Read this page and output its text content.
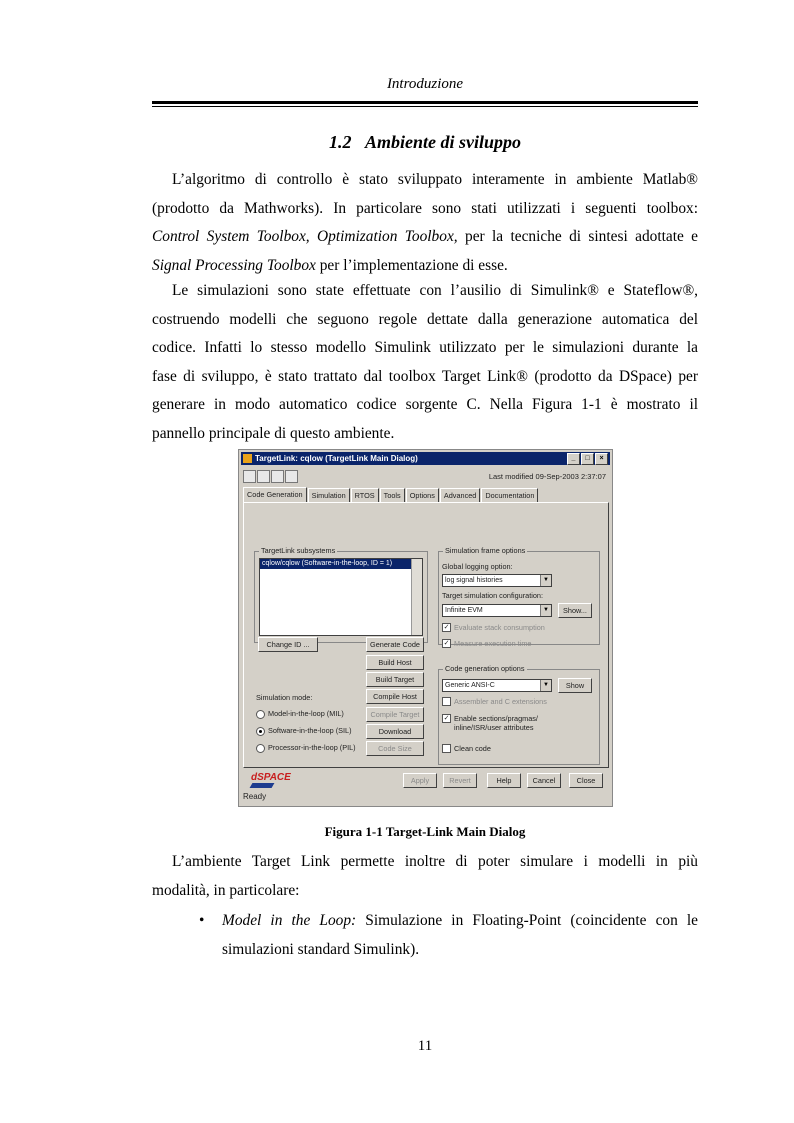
Introduzione
1.2 Ambiente di sviluppo
L’algoritmo di controllo è stato sviluppato interamente in ambiente Matlab®
(prodotto da Mathworks). In particolare sono stati utilizzati i seguenti toolbox:
Control System Toolbox, Optimization Toolbox, per la tecniche di sintesi adottate e
Signal Processing Toolbox per l’implementazione di esse.
Le simulazioni sono state effettuate con l’ausilio di Simulink® e Stateflow®,
costruendo modelli che seguono regole dettate dalla generazione automatica del
codice. Infatti lo stesso modello Simulink utilizzato per le simulazioni durante la
fase di sviluppo, è stato trattato dal toolbox Target Link® (prodotto da DSpace) per
generare in modo automatico codice sorgente C. Nella Figura 1-1 è mostrato il
pannello principale di questo ambiente.
TargetLink: cqlow (TargetLink Main Dialog)	_	□	×
Last modified 09-Sep-2003 2:37:07
Code Generation	Simulation	RTOS	Tools	Options	Advanced	Documentation
TargetLink subsystems
cqlow/cqlow (Software-in-the-loop, ID = 1)
Change ID ...	Generate Code
Build Host
Build Target
Compile Host
Compile Target
Download
Code Size
Simulation mode:
Model-in-the-loop (MIL)
Software-in-the-loop (SIL)
Processor-in-the-loop (PIL)
Simulation frame options
Global logging option:
log signal histories	▼
Target simulation configuration:
Infinite EVM	▼	Show...
✓ Evaluate stack consumption
✓ Measure execution time
Code generation options
Generic ANSI-C	▼	Show
Assembler and C extensions
✓ Enable sections/pragmas/
inline/ISR/user attributes
Clean code
dSPACE	Apply	Revert	Help	Cancel	Close
Ready
Figura 1-1 Target-Link Main Dialog
L’ambiente Target Link permette inoltre di poter simulare i modelli in più
modalità, in particolare:
• Model in the Loop: Simulazione in Floating-Point (coincidente con le
simulazioni standard Simulink).
11
